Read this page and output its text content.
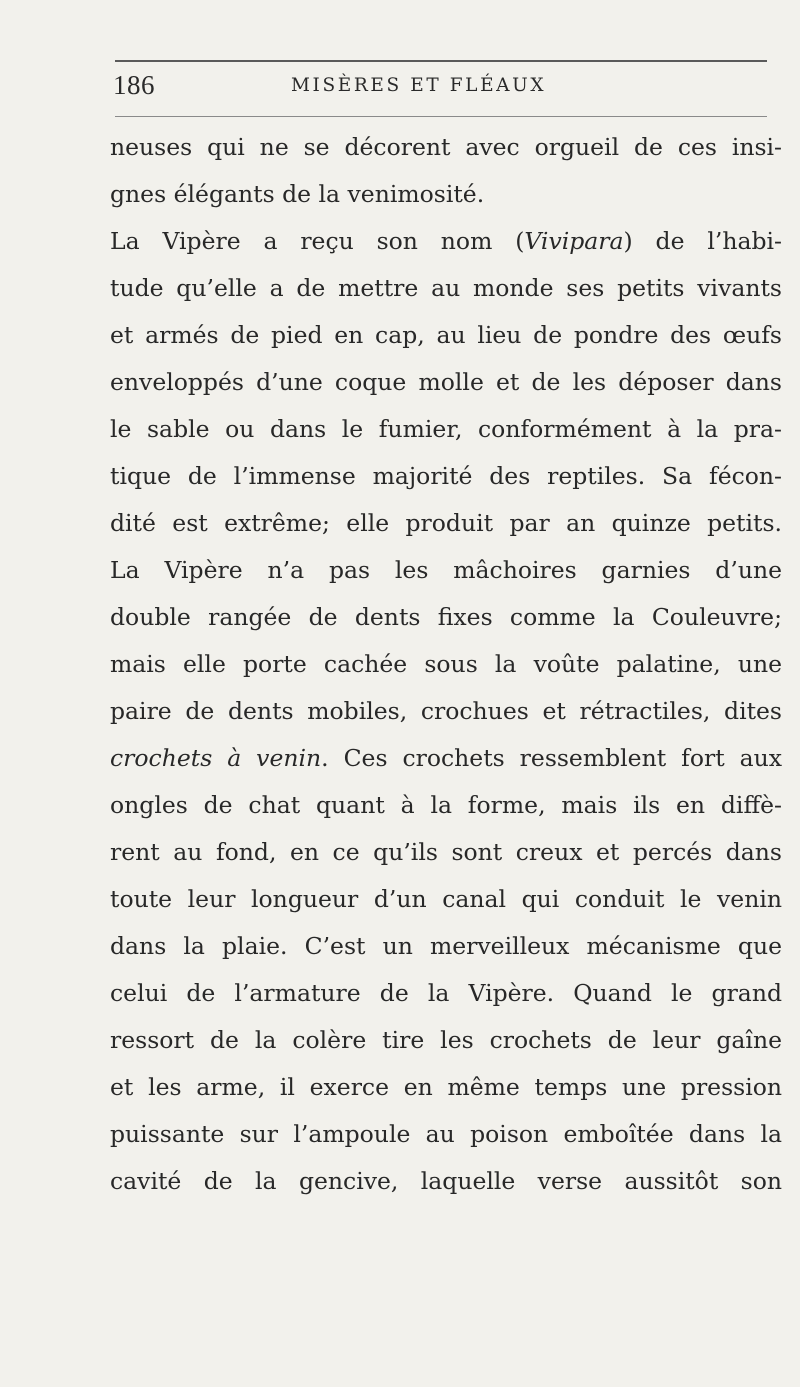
186	MISÈRES ET FLÉAUX
neuses qui ne se décorent avec orgueil de ces insi-
gnes élégants de la venimosité.
La Vipère a reçu son nom (Vivipara) de l’habi-
tude qu’elle a de mettre au monde ses petits vivants
et armés de pied en cap, au lieu de pondre des œufs
enveloppés d’une coque molle et de les déposer dans
le sable ou dans le fumier, conformément à la pra-
tique de l’immense majorité des reptiles. Sa fécon-
dité est extrême; elle produit par an quinze petits.
La Vipère n’a pas les mâchoires garnies d’une
double rangée de dents fixes comme la Couleuvre;
mais elle porte cachée sous la voûte palatine, une
paire de dents mobiles, crochues et rétractiles, dites
crochets à venin. Ces crochets ressemblent fort aux
ongles de chat quant à la forme, mais ils en diffè-
rent au fond, en ce qu’ils sont creux et percés dans
toute leur longueur d’un canal qui conduit le venin
dans la plaie. C’est un merveilleux mécanisme que
celui de l’armature de la Vipère. Quand le grand
ressort de la colère tire les crochets de leur gaîne
et les arme, il exerce en même temps une pression
puissante sur l’ampoule au poison emboîtée dans la
cavité de la gencive, laquelle verse aussitôt son
